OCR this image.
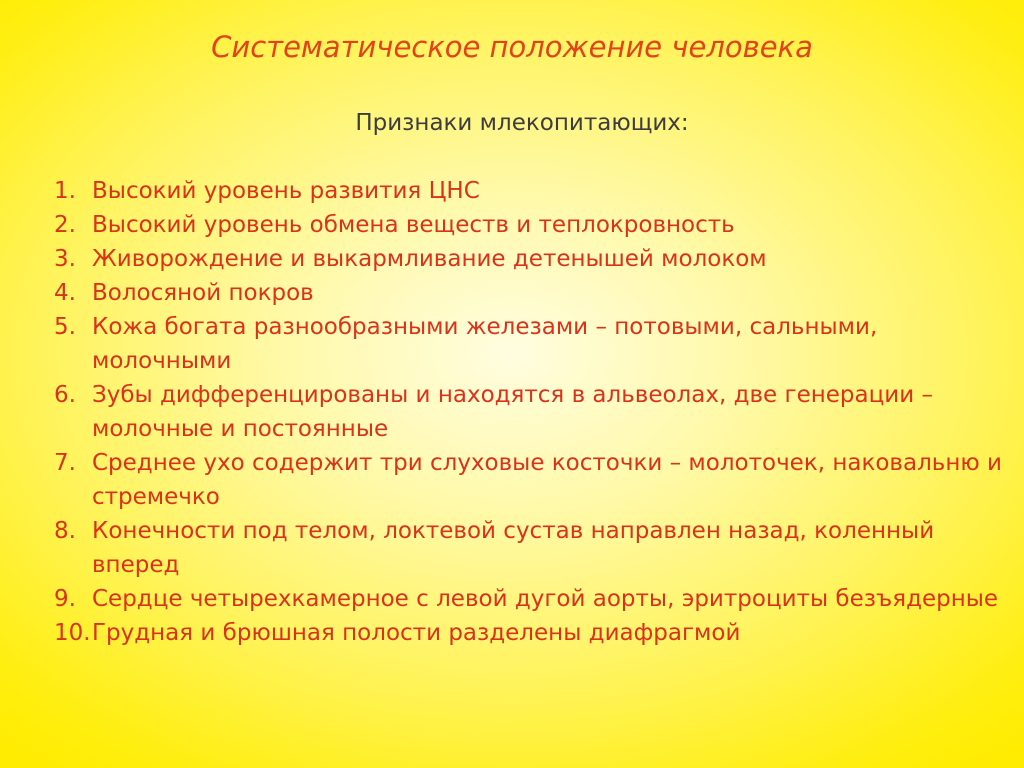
Систематическое положение человека
Признаки млекопитающих:
1. Высокий уровень развития ЦНС
2. Высокий уровень обмена веществ и теплокровность
3. Живорождение и выкармливание детенышей молоком
4. Волосяной покров
5. Кожа богата разнообразными железами – потовыми, сальными, молочными
6. Зубы дифференцированы и находятся в альвеолах, две генерации – молочные и постоянные
7. Среднее ухо содержит три слуховые косточки – молоточек, наковальню и стремечко
8. Конечности под телом, локтевой сустав направлен назад, коленный вперед
9. Сердце четырехкамерное с левой дугой аорты, эритроциты безъядерные
10. Грудная и брюшная полости разделены диафрагмой
